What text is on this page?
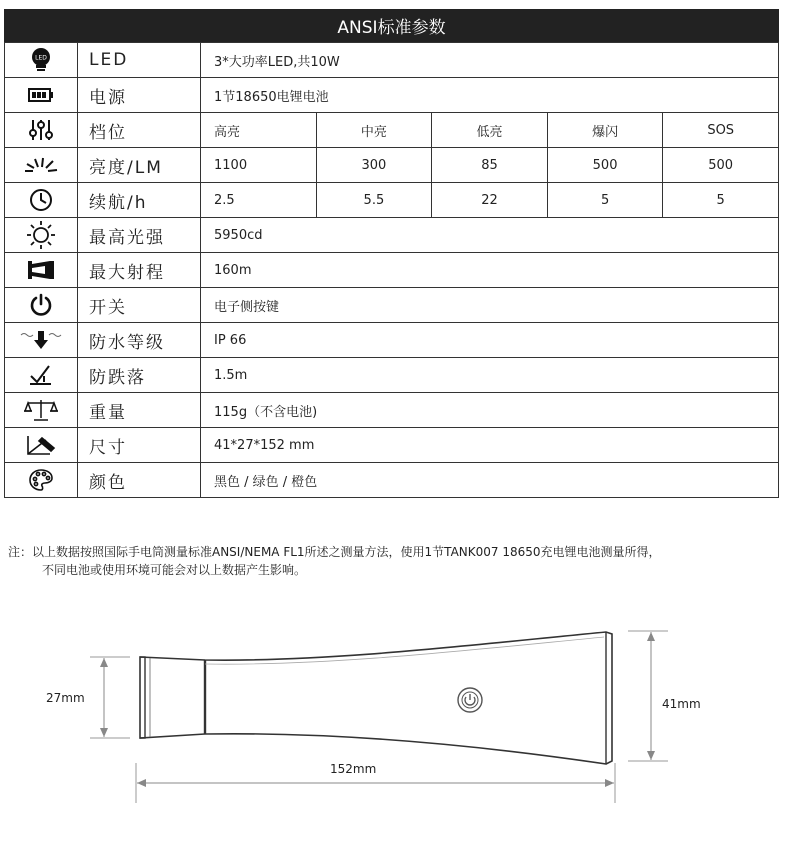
ANSI标准参数
LED	LED	3*大功率LED,共10W				

	电源	1节18650电锂电池				

	档位	高亮	中亮	低亮	爆闪	SOS

	亮度/LM	1100	300	85	500	500

	续航/h	2.5	5.5	22	5	5

	最高光强	5950cd				

	最大射程	160m				

	开关	电子侧按键				

	防水等级	IP 66				

	防跌落	1.5m				

	重量	115g（不含电池)				

	尺寸	41*27*152 mm				

	颜色	黑色 / 绿色 / 橙色				
注：以上数据按照国际手电筒测量标准ANSI/NEMA FL1所述之测量方法，使用1节TANK007 18650充电锂电池测量所得，
不同电池或使用环境可能会对以上数据产生影响。
27mm	41mm
152mm
